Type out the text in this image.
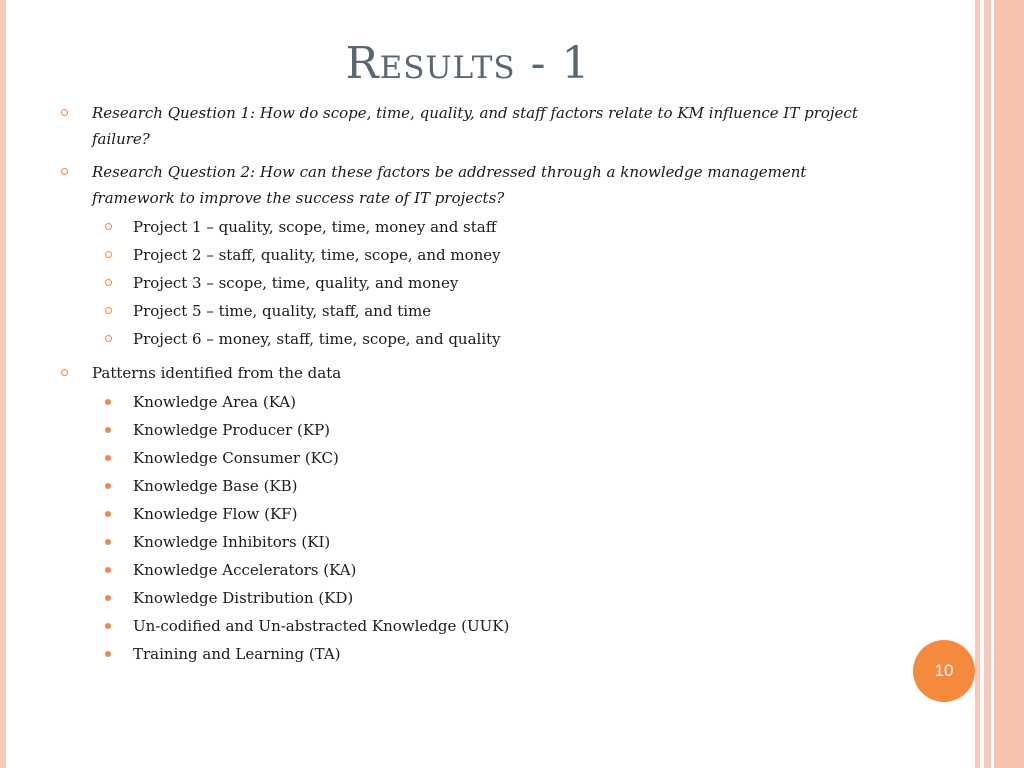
Results - 1
Research Question 1: How do scope, time, quality, and staff factors relate to KM influence IT project failure?
Research Question 2: How can these factors be addressed through a knowledge management framework to improve the success rate of IT projects?
Project 1 – quality, scope, time, money and staff
Project 2 – staff, quality, time, scope, and money
Project 3 – scope, time, quality, and money
Project 5 – time, quality, staff, and time
Project 6 – money, staff, time, scope, and quality
Patterns identified from the data
Knowledge Area (KA)
Knowledge Producer (KP)
Knowledge Consumer (KC)
Knowledge Base (KB)
Knowledge Flow (KF)
Knowledge Inhibitors (KI)
Knowledge Accelerators (KA)
Knowledge Distribution (KD)
Un-codified and Un-abstracted Knowledge (UUK)
Training and Learning (TA)
10
